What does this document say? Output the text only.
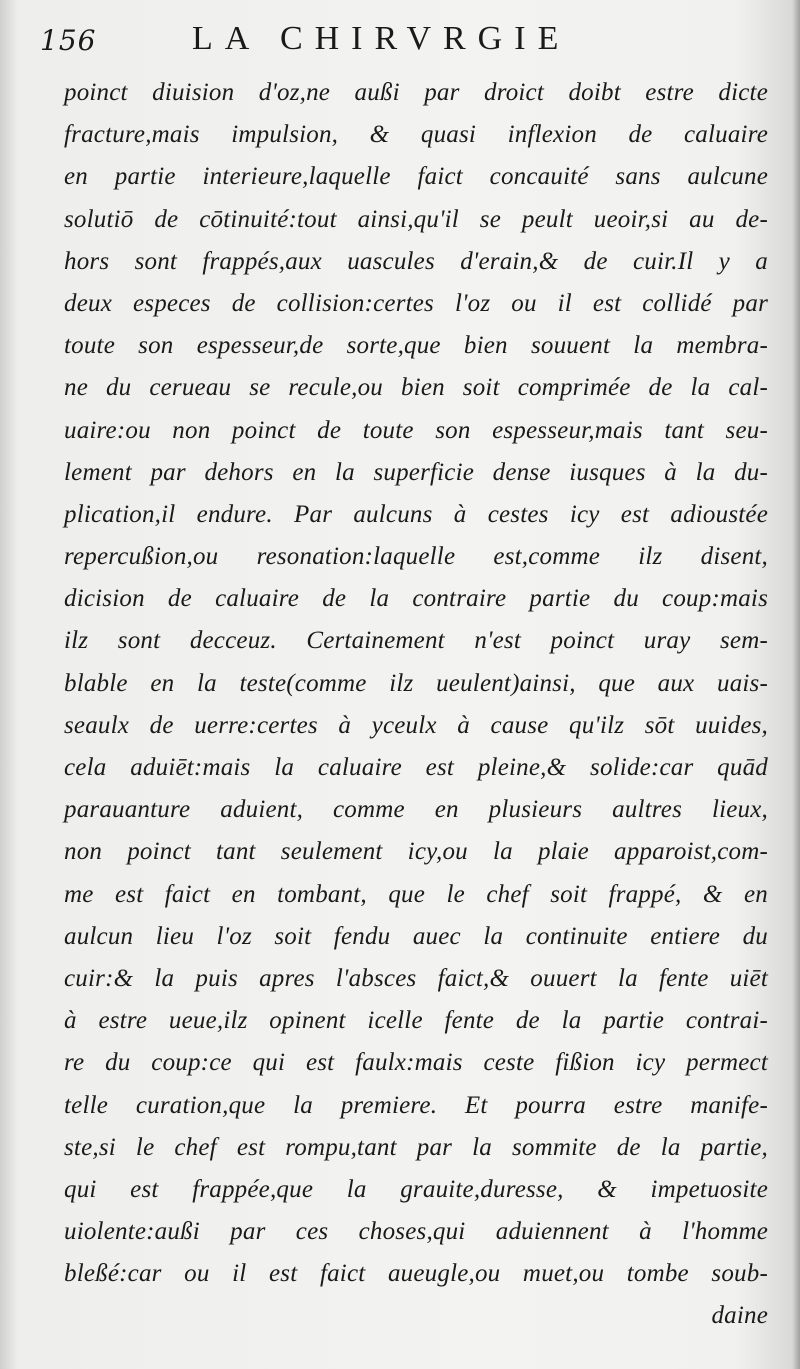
156	LA CHIRVRGIE
poinct diuision d'oz,ne außi par droict doibt estre dicte
fracture,mais impulsion, & quasi inflexion de caluaire
en partie interieure,laquelle faict concauité sans aulcune
solutiō de cōtinuité:tout ainsi,qu'il se peult ueoir,si au de-
hors sont frappés,aux uascules d'erain,& de cuir.Il y a
deux especes de collision:certes l'oz ou il est collidé par
toute son espesseur,de sorte,que bien souuent la membra-
ne du cerueau se recule,ou bien soit comprimée de la cal-
uaire:ou non poinct de toute son espesseur,mais tant seu-
lement par dehors en la superficie dense iusques à la du-
plication,il endure. Par aulcuns à cestes icy est adioustée
repercußion,ou resonation:laquelle est,comme ilz disent,
dicision de caluaire de la contraire partie du coup:mais
ilz sont decceuz. Certainement n'est poinct uray sem-
blable en la teste(comme ilz ueulent)ainsi, que aux uais-
seaulx de uerre:certes à yceulx à cause qu'ilz sōt uuides,
cela aduiēt:mais la caluaire est pleine,& solide:car quād
parauanture aduient, comme en plusieurs aultres lieux,
non poinct tant seulement icy,ou la plaie apparoist,com-
me est faict en tombant, que le chef soit frappé, & en
aulcun lieu l'oz soit fendu auec la continuite entiere du
cuir:& la puis apres l'absces faict,& ouuert la fente uiēt
à estre ueue,ilz opinent icelle fente de la partie contrai-
re du coup:ce qui est faulx:mais ceste fißion icy permect
telle curation,que la premiere. Et pourra estre manife-
ste,si le chef est rompu,tant par la sommite de la partie,
qui est frappée,que la grauite,duresse, & impetuosite
uiolente:außi par ces choses,qui aduiennent à l'homme
bleßé:car ou il est faict aueugle,ou muet,ou tombe soub-
daine
